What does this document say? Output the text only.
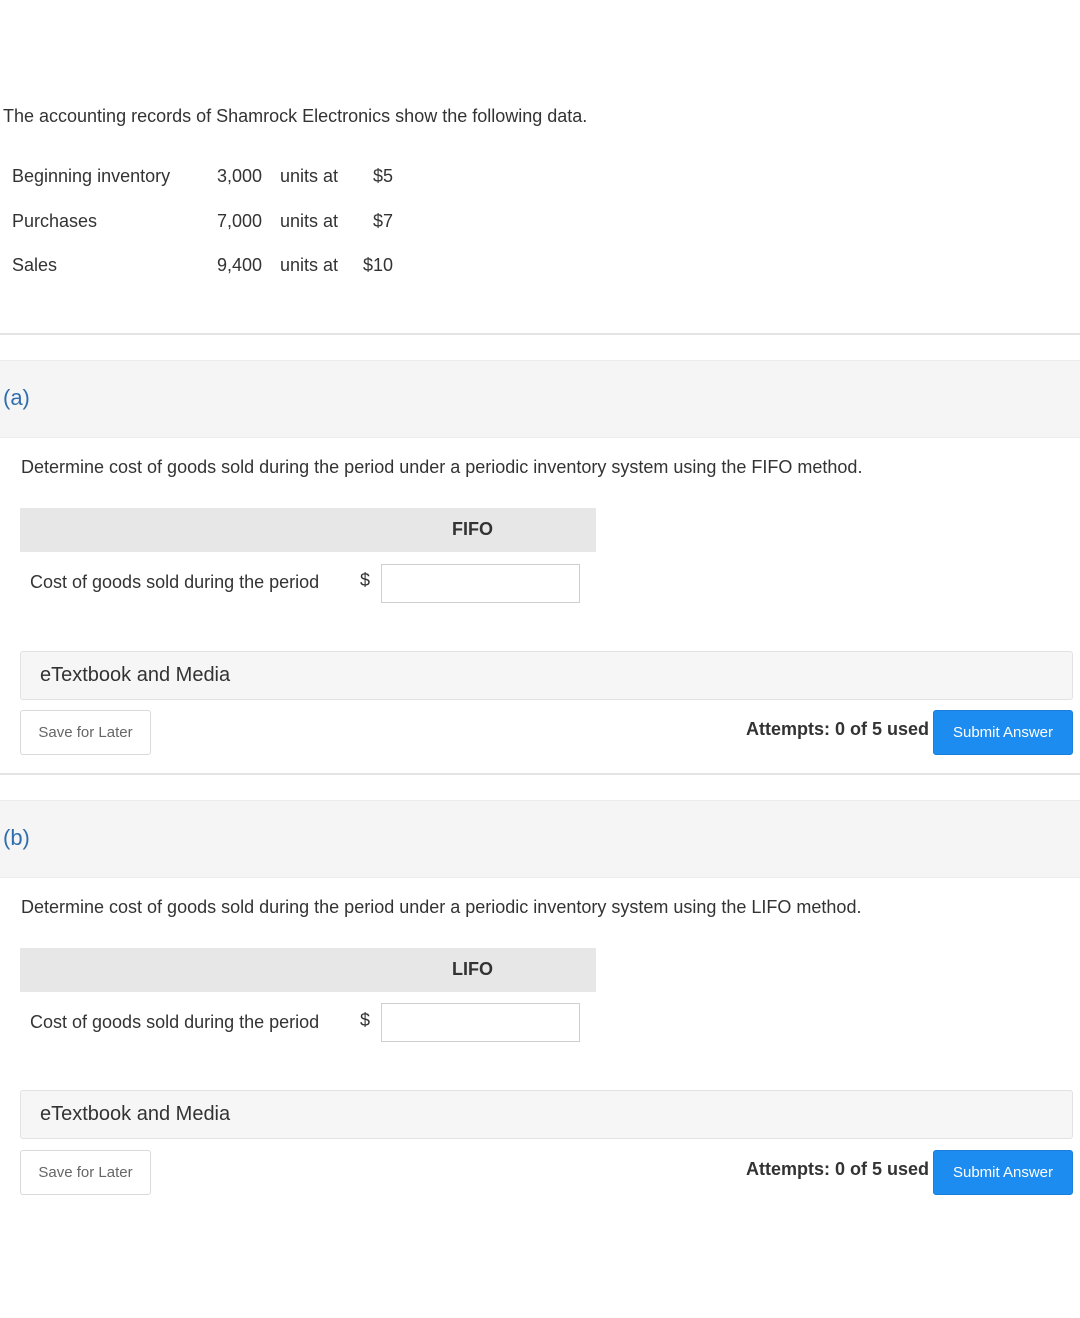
The accounting records of Shamrock Electronics show the following data.
Beginning inventory	3,000 units at	$5
Purchases	7,000 units at	$7
Sales	9,400 units at $10
(a)
Determine cost of goods sold during the period under a periodic inventory system using the FIFO method.
FIFO
Cost of goods sold during the period $
eTextbook and Media
Save for Later	Attempts: 0 of 5 used	Submit Answer
(b)
Determine cost of goods sold during the period under a periodic inventory system using the LIFO method.
LIFO
Cost of goods sold during the period $
eTextbook and Media
Save for Later	Attempts: 0 of 5 used	Submit Answer
